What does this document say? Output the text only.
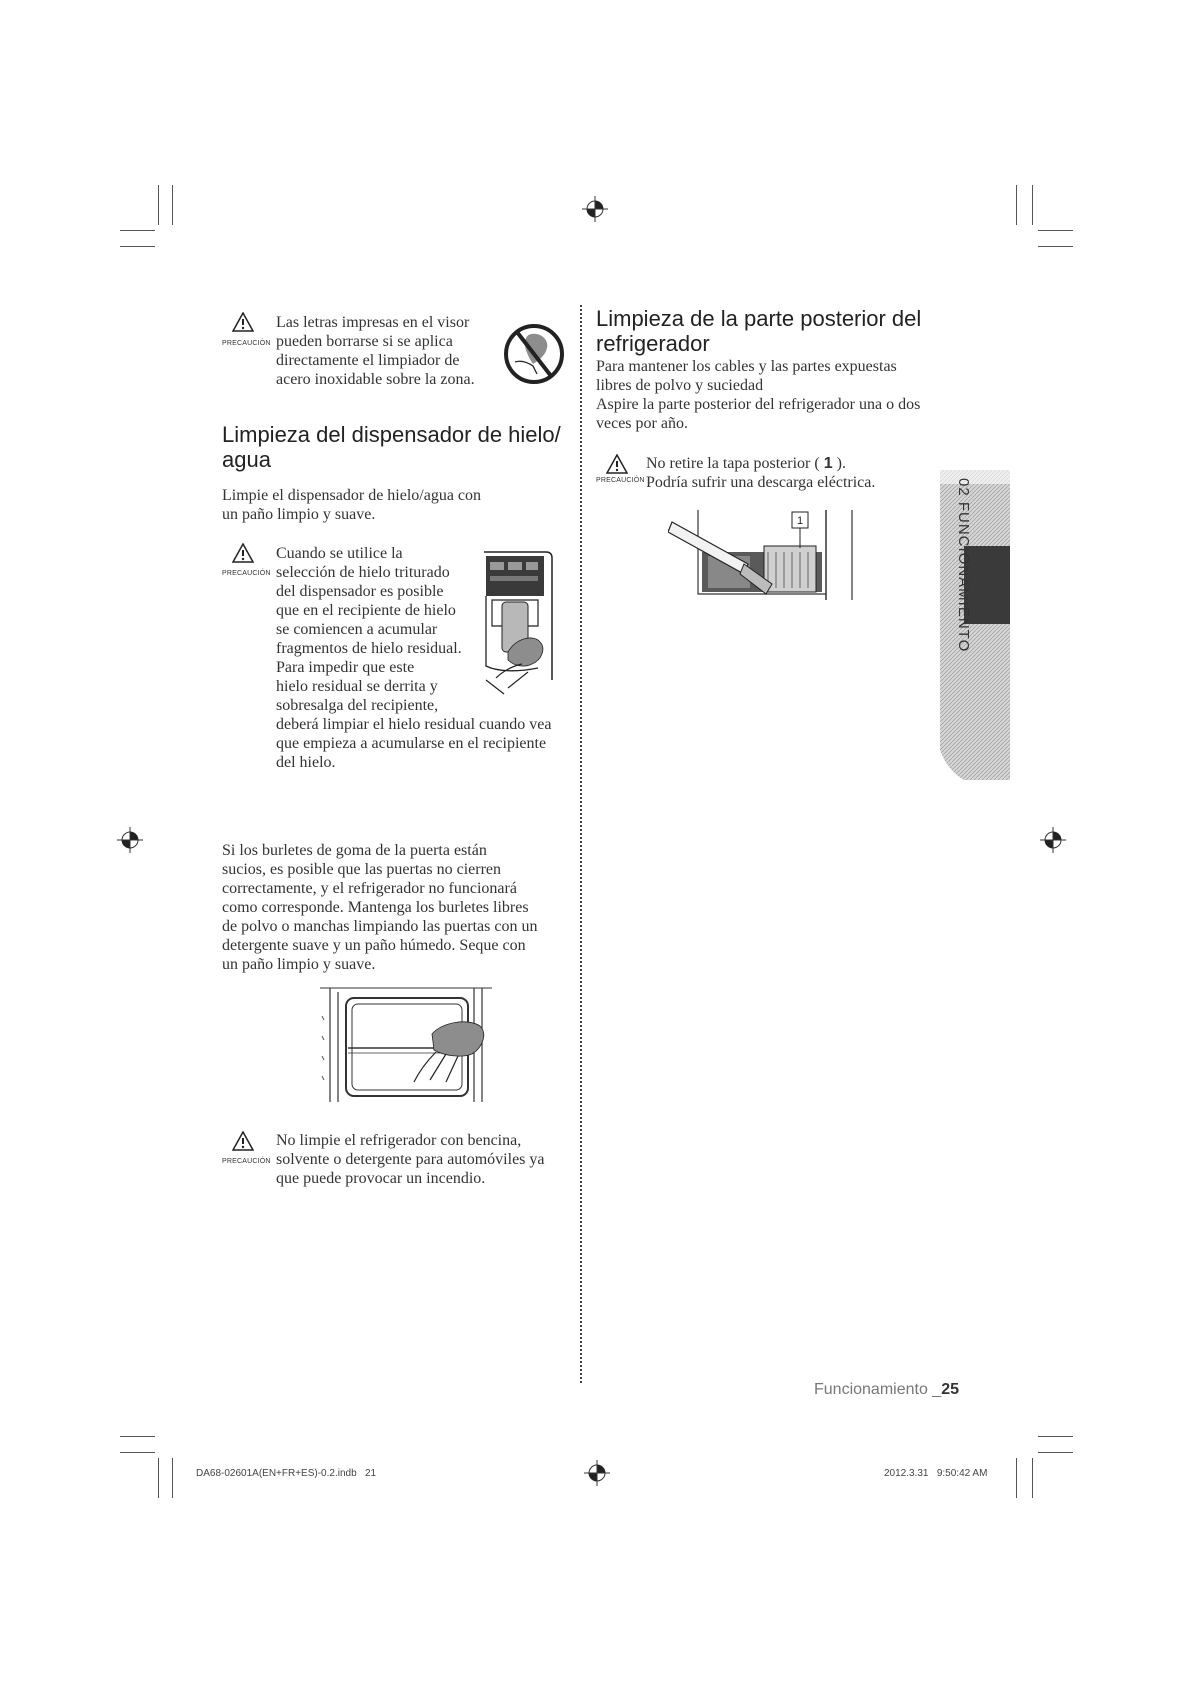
PRECAUCIÓN
Las letras impresas en el visor
pueden borrarse si se aplica
directamente el limpiador de
acero inoxidable sobre la zona.
Limpieza del dispensador de hielo/
agua
Limpie el dispensador de hielo/agua con
un paño limpio y suave.
PRECAUCIÓN
Cuando se utilice la
selección de hielo triturado
del dispensador es posible
que en el recipiente de hielo
se comiencen a acumular
fragmentos de hielo residual.
Para impedir que este
hielo residual se derrita y
sobresalga del recipiente,
deberá limpiar el hielo residual cuando vea
que empieza a acumularse en el recipiente
del hielo.
Si los burletes de goma de la puerta están
sucios, es posible que las puertas no cierren
correctamente, y el refrigerador no funcionará
como corresponde. Mantenga los burletes libres
de polvo o manchas limpiando las puertas con un
detergente suave y un paño húmedo. Seque con
un paño limpio y suave.
PRECAUCIÓN
No limpie el refrigerador con bencina,
solvente o detergente para automóviles ya
que puede provocar un incendio.
Limpieza de la parte posterior del
refrigerador
Para mantener los cables y las partes expuestas
libres de polvo y suciedad
Aspire la parte posterior del refrigerador una o dos
veces por año.
PRECAUCIÓN
No retire la tapa posterior ( 1 ).
Podría sufrir una descarga eléctrica.
1	02 FUNCIONAMIENTO
Funcionamiento _25
DA68-02601A(EN+FR+ES)-0.2.indb   21	2012.3.31   9:50:42 AM
